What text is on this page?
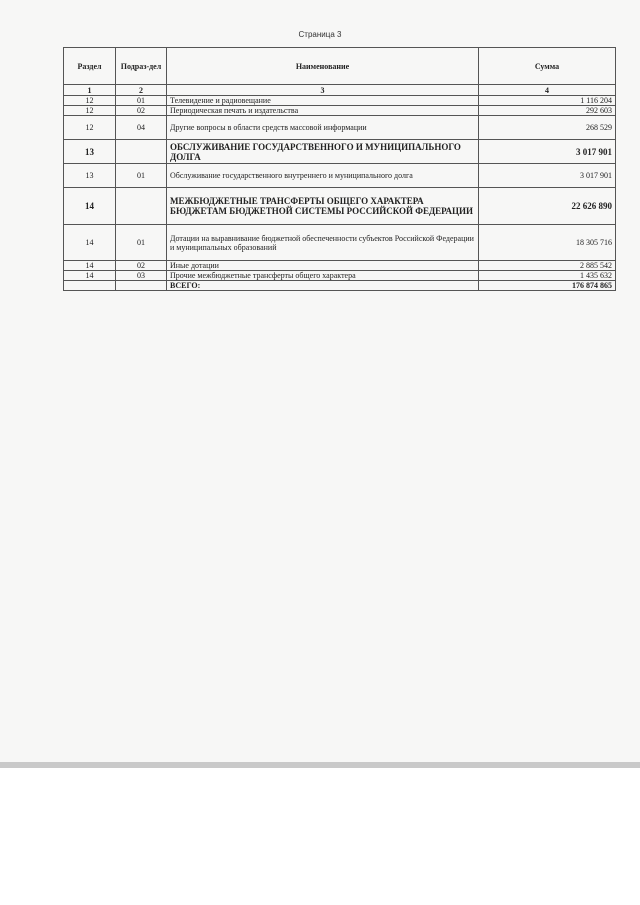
Страница 3
Раздел	Подраз-дел	Наименование	Сумма
1	2	3	4
12	01	Телевидение и радиовещание	1 116 204
12	02	Периодическая печать и издательства	292 603
12	04	Другие вопросы в области средств массовой информации	268 529
13		ОБСЛУЖИВАНИЕ ГОСУДАРСТВЕННОГО И МУНИЦИПАЛЬНОГО ДОЛГА	3 017 901
13	01	Обслуживание государственного внутреннего и муниципального долга	3 017 901
14		МЕЖБЮДЖЕТНЫЕ ТРАНСФЕРТЫ ОБЩЕГО ХАРАКТЕРА БЮДЖЕТАМ БЮДЖЕТНОЙ СИСТЕМЫ РОССИЙСКОЙ ФЕДЕРАЦИИ	22 626 890
14	01	Дотации на выравнивание бюджетной обеспеченности субъектов Российской Федерации и муниципальных образований	18 305 716
14	02	Иные дотации	2 885 542
14	03	Прочие межбюджетные трансферты общего характера	1 435 632
		ВСЕГО:	176 874 865
